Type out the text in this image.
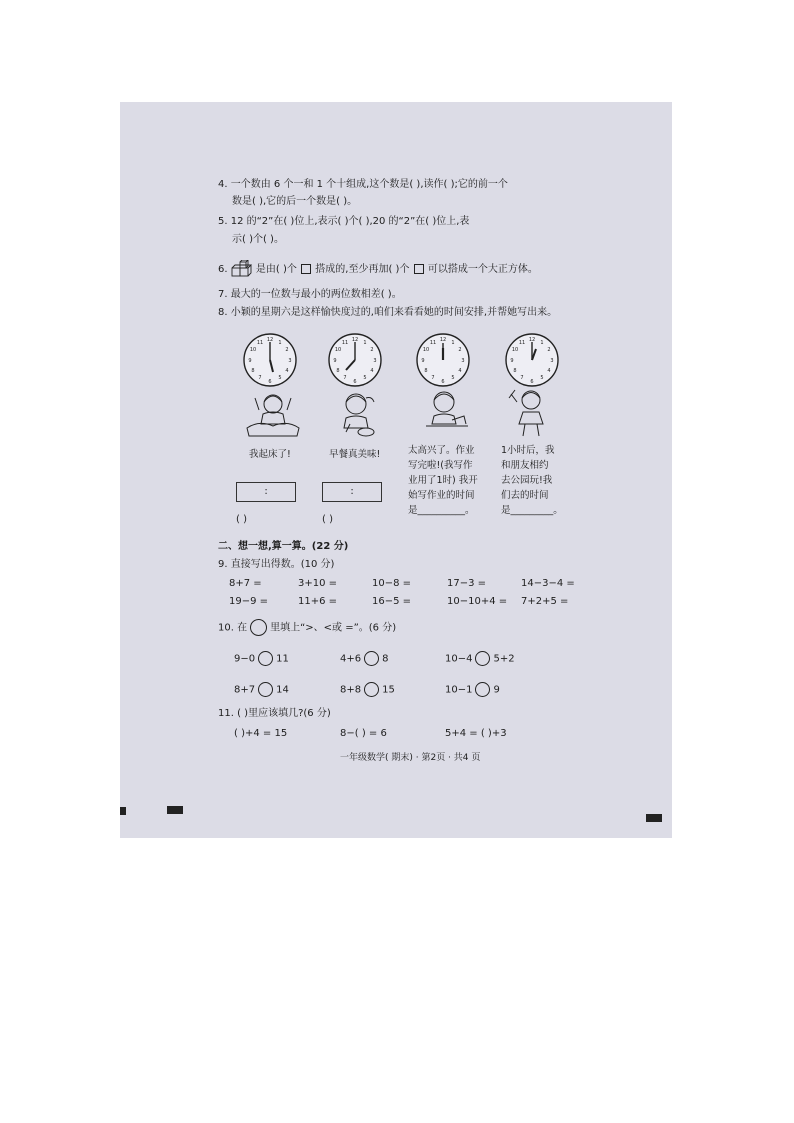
4. 一个数由 6 个一和 1 个十组成,这个数是( ),读作( );它的前一个
数是( ),它的后一个数是( )。
5. 12 的“2”在( )位上,表示( )个( ),20 的“2”在( )位上,表
示( )个( )。
6.	是由( )个 搭成的,至少再加( )个 可以搭成一个大正方体。
7. 最大的一位数与最小的两位数相差( )。
8. 小颖的星期六是这样愉快度过的,咱们来看看她的时间安排,并帮她写出来。
12 1
2
3
4
5
6
7
8
9
10
11	12 1
2
3
4
5
6
7
8
9
10
11	12 1
2
3
4
5
6
7
8
9
10
11	12 1
2
3
4
5
6
7
8
9
10
11
我起床了!	早餐真美味!	太高兴了。作业
写完啦!(我写作
业用了1时) 我开
始写作业的时间
是__________。
1小时后，我
和朋友相约
去公园玩!我
们去的时间
是_________。
:	:
( )	( )
二、想一想,算一算。(22 分)
9. 直接写出得数。(10 分)
8+7 =	3+10 =	10−8 =	17−3 =	14−3−4 =
19−9 =	11+6 =	16−5 =	10−10+4 = 7+2+5 =
10. 在 里填上“>、<或 =”。(6 分)
9−0 11	4+6 8	10−4 5+2
8+7 14	8+8 15	10−1 9
11. ( )里应该填几?(6 分)
( )+4 = 15	8−( ) = 6	5+4 = ( )+3
一年级数学( 期末) · 第2页 · 共4 页
